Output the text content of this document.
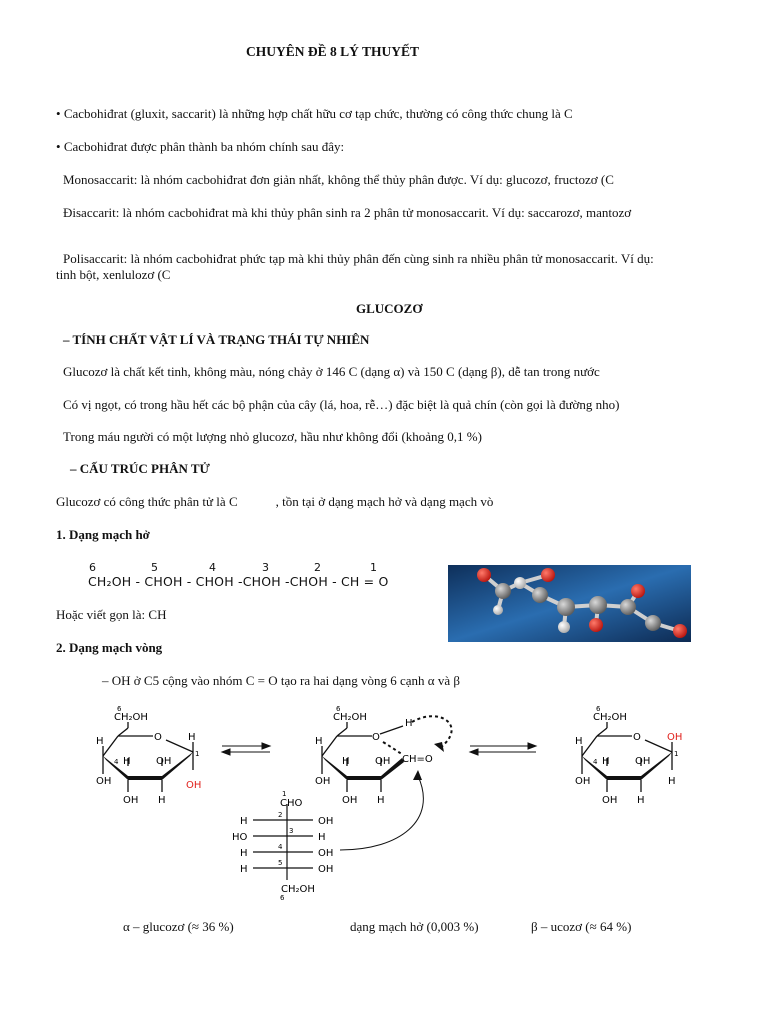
CHUYÊN ĐỀ 8 LÝ THUYẾT
• Cacbohiđrat (gluxit, saccarit) là những hợp chất hữu cơ tạp chức, thường có công thức chung là C
• Cacbohiđrat được phân thành ba nhóm chính sau đây:
Monosaccarit: là nhóm cacbohiđrat đơn giản nhất, không thể thủy phân được. Ví dụ: glucozơ, fructozơ (C
Đisaccarit: là nhóm cacbohiđrat mà khi thủy phân sinh ra 2 phân tử monosaccarit. Ví dụ: saccarozơ, mantozơ
Polisaccarit: là nhóm cacbohiđrat phức tạp mà khi thủy phân đến cùng sinh ra nhiều phân tử monosaccarit. Ví dụ:
tinh bột, xenlulozơ (C
GLUCOZƠ
– TÍNH CHẤT VẬT LÍ VÀ TRẠNG THÁI TỰ NHIÊN
Glucozơ là chất kết tinh, không màu, nóng chảy ở 146 C (dạng α) và 150 C (dạng β), dễ tan trong nước
Có vị ngọt, có trong hầu hết các bộ phận của cây (lá, hoa, rễ…) đặc biệt là quả chín (còn gọi là đường nho)
Trong máu người có một lượng nhỏ glucozơ, hầu như không đổi (khoảng 0,1 %)
– CẤU TRÚC PHÂN TỬ
Glucozơ có công thức phân tử là C	, tồn tại ở dạng mạch hở và dạng mạch vò
1. Dạng mạch hở
6	5	4	3	2	1
CH₂OH - CHOH - CHOH -CHOH -CHOH - CH = O
Hoặc viết gọn là: CH
2. Dạng mạch vòng
– OH ở C5 cộng vào nhóm C = O tạo ra hai dạng vòng 6 cạnh α và β
CH₂OH
6
O
1
H
OH
H
OH
H
4	OH
OH H
CH₂OH
6
O
H
CH=O
H
OH
H	OH
OH H
1
CHO
H	OH
2
HO	H
3
H	OH
4
H	OH
5
CH₂OH
6
CH₂OH
6
O
1
H
OH
OH
H
H
4	OH
OH H
α – glucozơ (≈ 36 %)	dạng mạch hở (0,003 %)	β – ucozơ (≈ 64 %)
